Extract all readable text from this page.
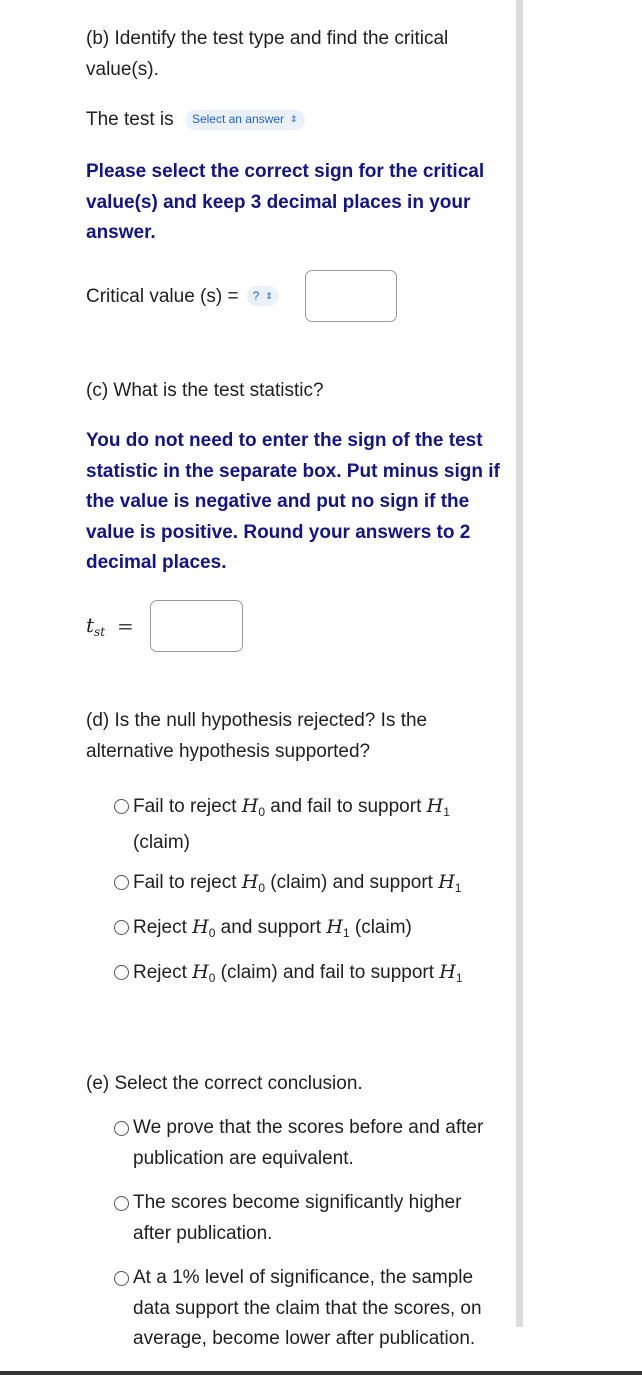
(b) Identify the test type and find the critical value(s).

The test is Select an answer ⇕

Please select the correct sign for the critical value(s) and keep 3 decimal places in your answer.

Critical value (s) = ? ⇕

(c) What is the test statistic?

You do not need to enter the sign of the test statistic in the separate box. Put minus sign if the value is negative and put no sign if the value is positive. Round your answers to 2 decimal places.

$t_{st}$ =

(d) Is the null hypothesis rejected? Is the alternative hypothesis supported?

Fail to reject $H_0$ and fail to support $H_1$ (claim)
Fail to reject $H_0$ (claim) and support $H_1$
Reject $H_0$ and support $H_1$ (claim)
Reject $H_0$ (claim) and fail to support $H_1$

(e) Select the correct conclusion.

We prove that the scores before and after publication are equivalent.
The scores become significantly higher after publication.
At a 1% level of significance, the sample data support the claim that the scores, on average, become lower after publication.
